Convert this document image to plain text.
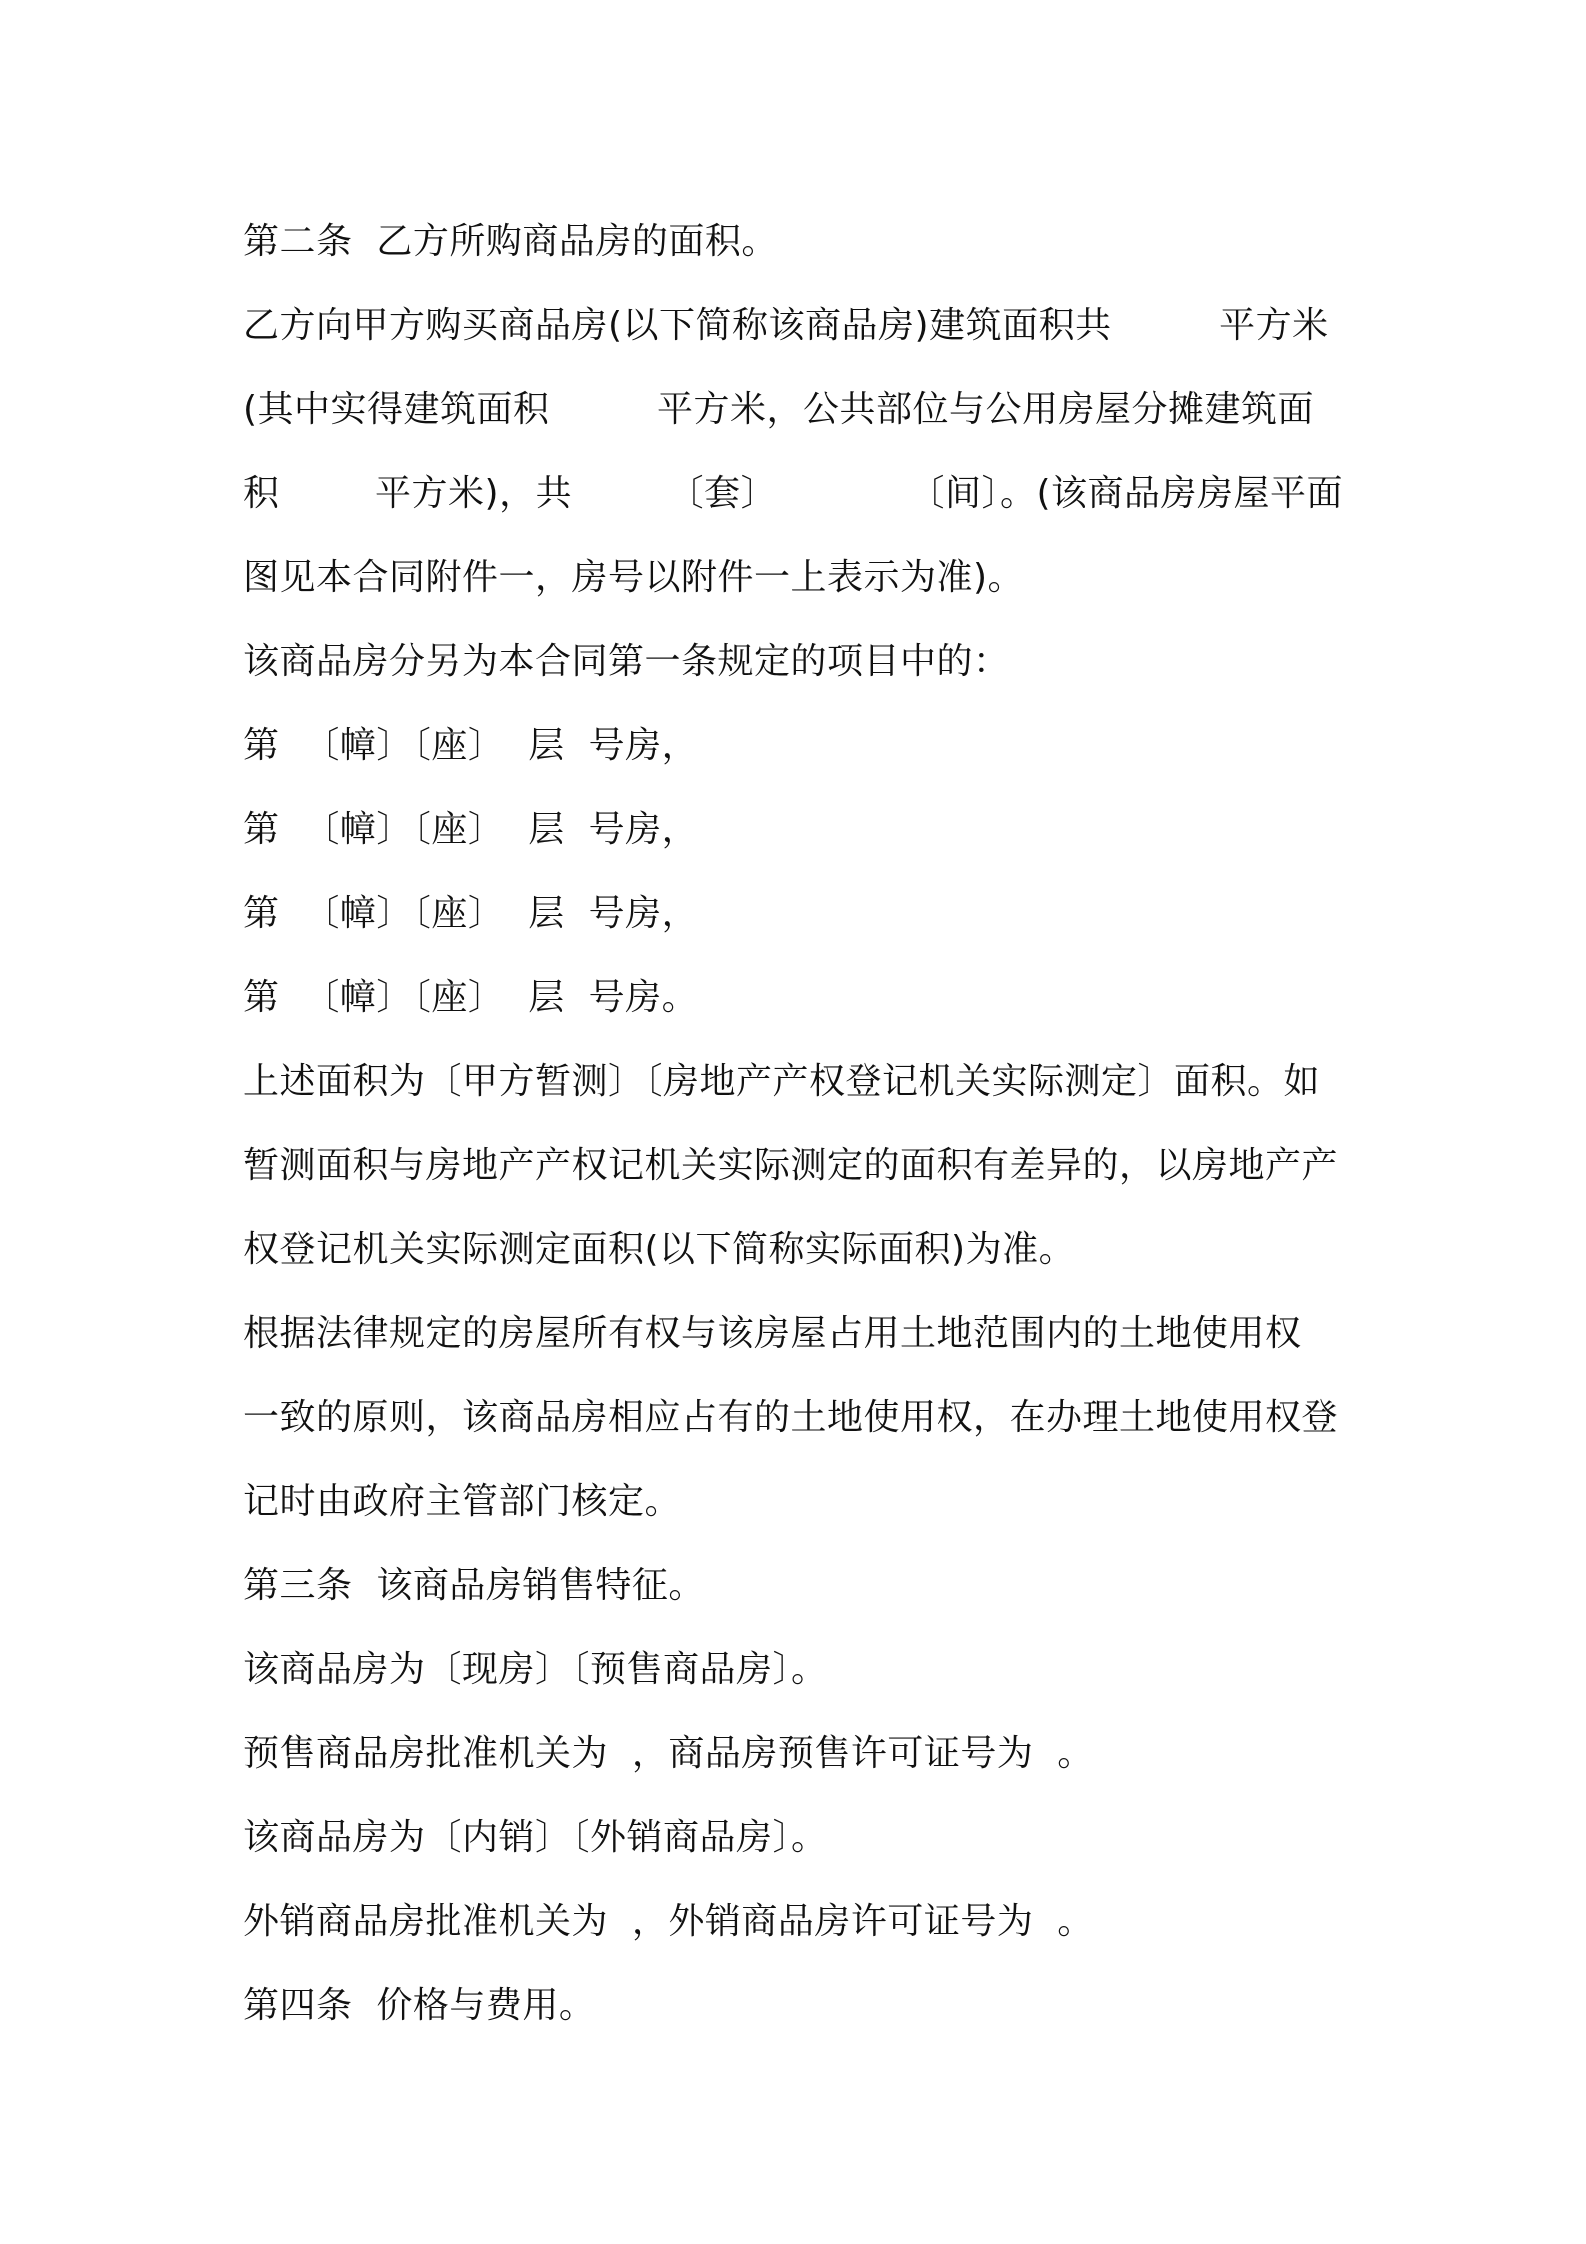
第二条  乙方所购商品房的面积。
乙方向甲方购买商品房(以下简称该商品房)建筑面积共         平方米
(其中实得建筑面积         平方米，公共部位与公用房屋分摊建筑面
积        平方米)，共        〔套〕           〔间〕。(该商品房房屋平面
图见本合同附件一，房号以附件一上表示为准)。
该商品房分另为本合同第一条规定的项目中的：
第  〔幛〕〔座〕  层  号房，
第  〔幛〕〔座〕  层  号房，
第  〔幛〕〔座〕  层  号房，
第  〔幛〕〔座〕  层  号房。
上述面积为〔甲方暂测〕〔房地产产权登记机关实际测定〕面积。如
暂测面积与房地产产权记机关实际测定的面积有差异的，以房地产产
权登记机关实际测定面积(以下简称实际面积)为准。
根据法律规定的房屋所有权与该房屋占用土地范围内的土地使用权
一致的原则，该商品房相应占有的土地使用权，在办理土地使用权登
记时由政府主管部门核定。
第三条  该商品房销售特征。
该商品房为〔现房〕〔预售商品房〕。
预售商品房批准机关为  ，商品房预售许可证号为  。
该商品房为〔内销〕〔外销商品房〕。
外销商品房批准机关为  ，外销商品房许可证号为  。
第四条  价格与费用。
